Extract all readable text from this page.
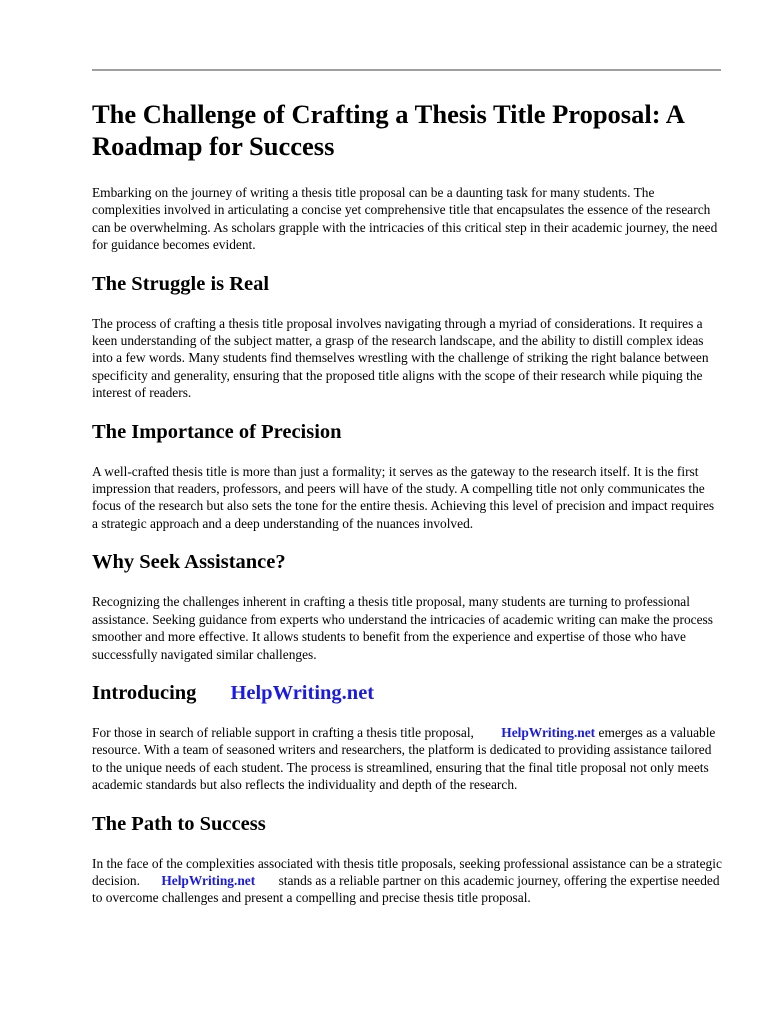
The Challenge of Crafting a Thesis Title Proposal: A Roadmap for Success

Embarking on the journey of writing a thesis title proposal can be a daunting task for many students. The complexities involved in articulating a concise yet comprehensive title that encapsulates the essence of the research can be overwhelming. As scholars grapple with the intricacies of this critical step in their academic journey, the need for guidance becomes evident.

The Struggle is Real

The process of crafting a thesis title proposal involves navigating through a myriad of considerations. It requires a keen understanding of the subject matter, a grasp of the research landscape, and the ability to distill complex ideas into a few words. Many students find themselves wrestling with the challenge of striking the right balance between specificity and generality, ensuring that the proposed title aligns with the scope of their research while piquing the interest of readers.

The Importance of Precision

A well-crafted thesis title is more than just a formality; it serves as the gateway to the research itself. It is the first impression that readers, professors, and peers will have of the study. A compelling title not only communicates the focus of the research but also sets the tone for the entire thesis. Achieving this level of precision and impact requires a strategic approach and a deep understanding of the nuances involved.

Why Seek Assistance?

Recognizing the challenges inherent in crafting a thesis title proposal, many students are turning to professional assistance. Seeking guidance from experts who understand the intricacies of academic writing can make the process smoother and more effective. It allows students to benefit from the experience and expertise of those who have successfully navigated similar challenges.

Introducing HelpWriting.net

For those in search of reliable support in crafting a thesis title proposal, HelpWriting.net emerges as a valuable resource. With a team of seasoned writers and researchers, the platform is dedicated to providing assistance tailored to the unique needs of each student. The process is streamlined, ensuring that the final title proposal not only meets academic standards but also reflects the individuality and depth of the research.

The Path to Success

In the face of the complexities associated with thesis title proposals, seeking professional assistance can be a strategic decision. HelpWriting.net stands as a reliable partner on this academic journey, offering the expertise needed to overcome challenges and present a compelling and precise thesis title proposal.
